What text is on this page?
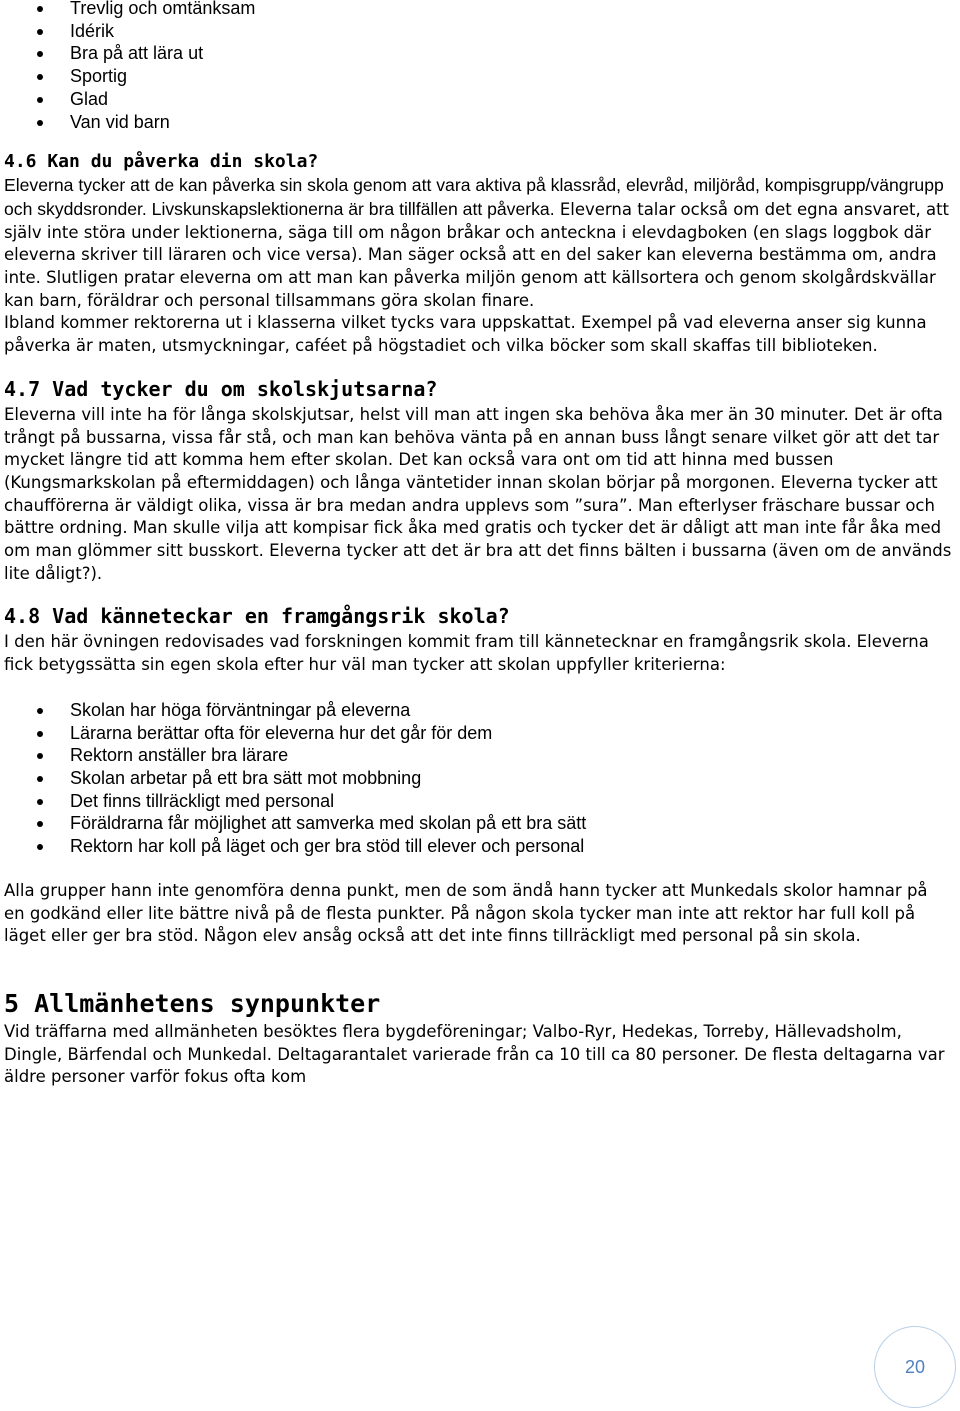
Trevlig och omtänksam
Idérik
Bra på att lära ut
Sportig
Glad
Van vid barn
4.6 Kan du påverka din skola?

Eleverna tycker att de kan påverka sin skola genom att vara aktiva på klassråd, elevråd, miljöråd, kompisgrupp/vängrupp och skyddsronder. Livskunskapslektionerna är bra tillfällen att påverka. Eleverna talar också om det egna ansvaret, att själv inte störa under lektionerna, säga till om någon bråkar och anteckna i elevdagboken (en slags loggbok där eleverna skriver till läraren och vice versa). Man säger också att en del saker kan eleverna bestämma om, andra inte. Slutligen pratar eleverna om att man kan påverka miljön genom att källsortera och genom skolgårdskvällar kan barn, föräldrar och personal tillsammans göra skolan finare.

Ibland kommer rektorerna ut i klasserna vilket tycks vara uppskattat. Exempel på vad eleverna anser sig kunna påverka är maten, utsmyckningar, caféet på högstadiet och vilka böcker som skall skaffas till biblioteken.

4.7 Vad tycker du om skolskjutsarna?

Eleverna vill inte ha för långa skolskjutsar, helst vill man att ingen ska behöva åka mer än 30 minuter. Det är ofta trångt på bussarna, vissa får stå, och man kan behöva vänta på en annan buss långt senare vilket gör att det tar mycket längre tid att komma hem efter skolan. Det kan också vara ont om tid att hinna med bussen (Kungsmarkskolan på eftermiddagen) och långa väntetider innan skolan börjar på morgonen. Eleverna tycker att chaufförerna är väldigt olika, vissa är bra medan andra upplevs som ”sura”. Man efterlyser fräschare bussar och bättre ordning. Man skulle vilja att kompisar fick åka med gratis och tycker det är dåligt att man inte får åka med om man glömmer sitt busskort. Eleverna tycker att det är bra att det finns bälten i bussarna (även om de används lite dåligt?).

4.8 Vad känneteckar en framgångsrik skola?

I den här övningen redovisades vad forskningen kommit fram till kännetecknar en framgångsrik skola. Eleverna fick betygssätta sin egen skola efter hur väl man tycker att skolan uppfyller kriterierna:

Skolan har höga förväntningar på eleverna
Lärarna berättar ofta för eleverna hur det går för dem
Rektorn anställer bra lärare
Skolan arbetar på ett bra sätt mot mobbning
Det finns tillräckligt med personal
Föräldrarna får möjlighet att samverka med skolan på ett bra sätt
Rektorn har koll på läget och ger bra stöd till elever och personal

Alla grupper hann inte genomföra denna punkt, men de som ändå hann tycker att Munkedals skolor hamnar på en godkänd eller lite bättre nivå på de flesta punkter. På någon skola tycker man inte att rektor har full koll på läget eller ger bra stöd. Någon elev ansåg också att det inte finns tillräckligt med personal på sin skola.

5 Allmänhetens synpunkter

Vid träffarna med allmänheten besöktes flera bygdeföreningar; Valbo-Ryr, Hedekas, Torreby, Hällevadsholm, Dingle, Bärfendal och Munkedal. Deltagarantalet varierade från ca 10 till ca 80 personer. De flesta deltagarna var äldre personer varför fokus ofta kom

20
